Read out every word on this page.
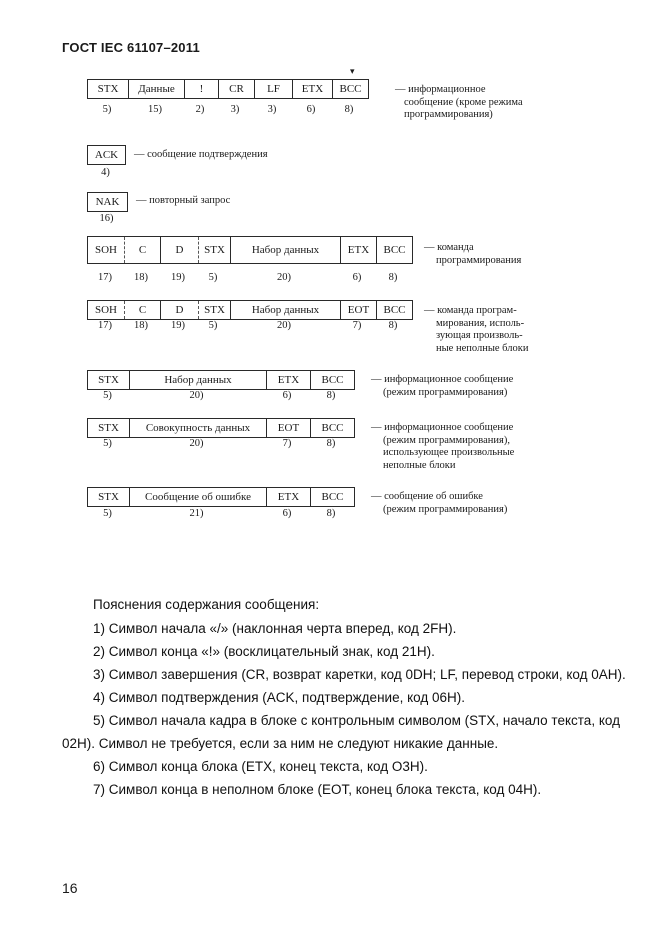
ГОСТ IEC 61107–2011
▾
STX	Данные	!	CR	LF	ETX	BCC
5)	15)	2)	3)	3)	6)	8)
— информационное
сообщение (кроме режима
программирования)
ACK
4)
— сообщение подтверждения
NAK
16)
— повторный запрос
SOH	C	D	STX	Набор данных	ETX	BCC
17)	18)	19)	5)	20)	6)	8)
— команда
программирования
SOH	C	D	STX	Набор данных	EOT	BCC
17)	18)	19)	5)	20)	7)	8)
— команда програм-
мирования, исполь-
зующая произволь-
ные неполные блоки
STX	Набор данных	ETX	BCC
5)	20)	6)	8)
— информационное сообщение
(режим программирования)
STX	Совокупность данных	EOT	BCC
5)	20)	7)	8)
— информационное сообщение
(режим программирования),
использующее произвольные
неполные блоки
STX	Сообщение об ошибке	ETX	BCC
5)	21)	6)	8)
— сообщение об ошибке
(режим программирования)
Пояснения содержания сообщения:
1) Символ начала «/» (наклонная черта вперед, код 2FH).
2) Символ конца «!» (восклицательный знак, код 21H).
3) Символ завершения (CR, возврат каретки, код 0DH; LF, перевод строки, код 0AH).
4) Символ подтверждения (ACK, подтверждение, код 06H).
5) Символ начала кадра в блоке с контрольным символом (STX, начало текста, код
02H). Символ не требуется, если за ним не следуют никакие данные.
6) Символ конца блока (ETX, конец текста, код O3H).
7) Символ конца в неполном блоке (EOT, конец блока текста, код 04H).
16
